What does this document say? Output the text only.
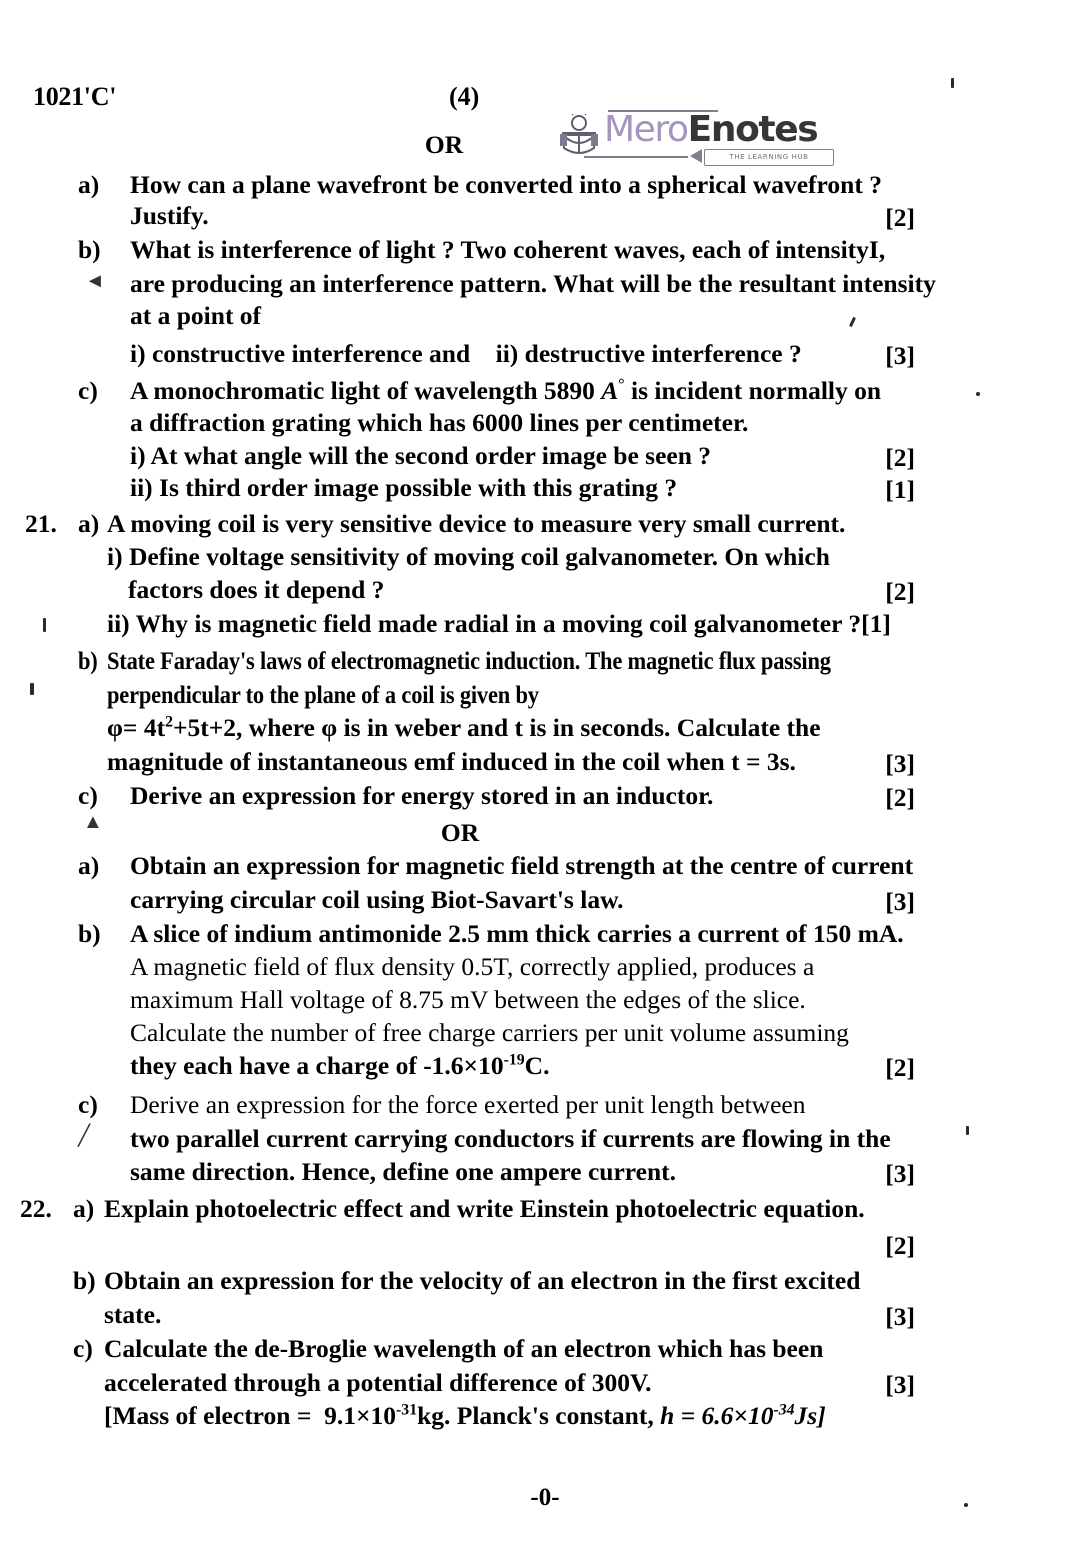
1021'C'	(4)
MeroEnotes
THE LEARNING HUB
OR
a) How can a plane wavefront be converted into a spherical wavefront ?
Justify.	[2]
b) What is interference of light ? Two coherent waves, each of intensityI,
are producing an interference pattern. What will be the resultant intensity
at a point of
i) constructive interference and    ii) destructive interference ?	[3]
c) A monochromatic light of wavelength 5890 A° is incident normally on
a diffraction grating which has 6000 lines per centimeter.
i) At what angle will the second order image be seen ?	[2]
ii) Is third order image possible with this grating ?	[1]
21. a) A moving coil is very sensitive device to measure very small current.
i) Define voltage sensitivity of moving coil galvanometer. On which
factors does it depend ?	[2]
ii) Why is magnetic field made radial in a moving coil galvanometer ?[1]
b) State Faraday's laws of electromagnetic induction. The magnetic flux passing
perpendicular to the plane of a coil is given by
$\varphi= 4t^2+5t+2$, where φ is in weber and t is in seconds. Calculate the
magnitude of instantaneous emf induced in the coil when t = 3s.	[3]
c) Derive an expression for energy stored in an inductor.	[2]
OR
a) Obtain an expression for magnetic field strength at the centre of current
carrying circular coil using Biot-Savart's law.	[3]
b) A slice of indium antimonide 2.5 mm thick carries a current of 150 mA.
A magnetic field of flux density 0.5T, correctly applied, produces a
maximum Hall voltage of 8.75 mV between the edges of the slice.
Calculate the number of free charge carriers per unit volume assuming
they each have a charge of $-1.6\times 10^{-19}C$.	[2]
c) Derive an expression for the force exerted per unit length between
two parallel current carrying conductors if currents are flowing in the
same direction. Hence, define one ampere current.	[3]
22. a) Explain photoelectric effect and write Einstein photoelectric equation.
[2]
b) Obtain an expression for the velocity of an electron in the first excited
state.	[3]
c) Calculate the de-Broglie wavelength of an electron which has been
accelerated through a potential difference of 300V.	[3]
[Mass of electron =  $9.1\times 10^{-31}kg$. Planck's constant, $h = 6.6\times 10^{-34}Js$]
-0-
◄
▲
╱
